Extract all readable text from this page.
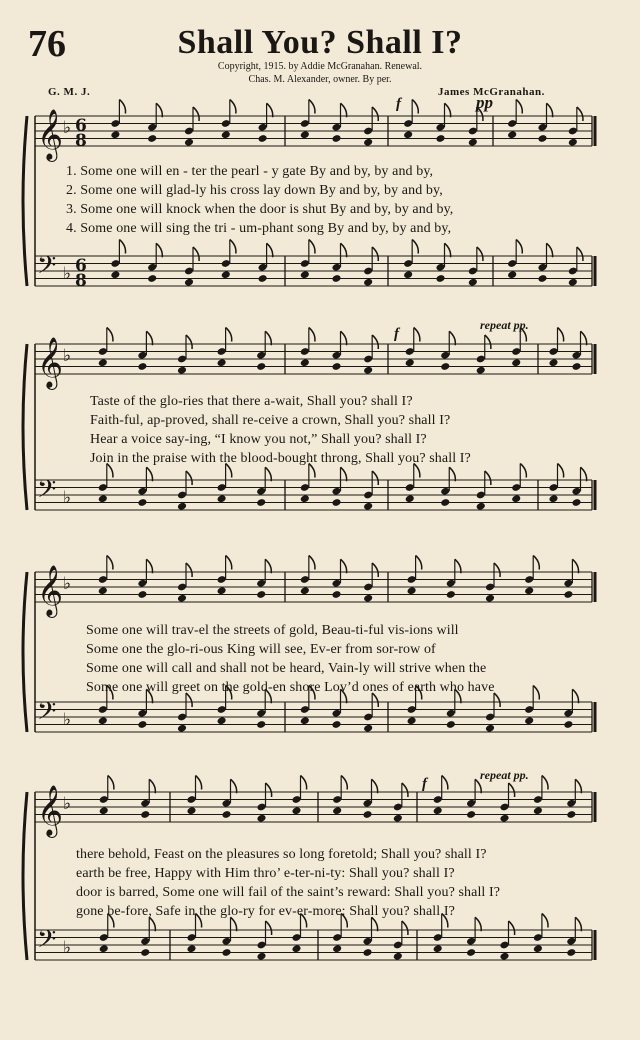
76	Shall You? Shall I?
Copyright, 1915. by Addie McGranahan. Renewal.
Chas. M. Alexander, owner. By per.
G. M. J.	James McGranahan.
𝄞
𝄢
♭
♭
6
8
6
8
𝄞
𝄢
♭
♭
𝄞
𝄢
♭
♭
𝄞
𝄢
♭
♭
f	pp
f
repeat pp.
f
repeat pp.
1. Some one will en - ter the pearl - y gate By and by, by and by,
2. Some one will glad-ly his cross lay down By and by, by and by,
3. Some one will knock when the door is shut By and by, by and by,
4. Some one will sing the tri - um-phant song By and by, by and by,
Taste of the glo-ries that there a-wait, Shall you? shall I?
Faith-ful, ap-proved, shall re-ceive a crown, Shall you? shall I?
Hear a voice say-ing, “I know you not,” Shall you? shall I?
Join in the praise with the blood-bought throng, Shall you? shall I?
Some one will trav-el the streets of gold, Beau-ti-ful vis-ions will
Some one the glo-ri-ous King will see, Ev-er from sor-row of
Some one will call and shall not be heard, Vain-ly will strive when the
Some one will greet on the gold-en shore Lov’d ones of earth who have
there behold, Feast on the pleasures so long foretold; Shall you? shall I?
earth be free, Happy with Him thro’ e-ter-ni-ty: Shall you? shall I?
door is barred, Some one will fail of the saint’s reward: Shall you? shall I?
gone be-fore, Safe in the glo-ry for ev-er-more: Shall you? shall I?
